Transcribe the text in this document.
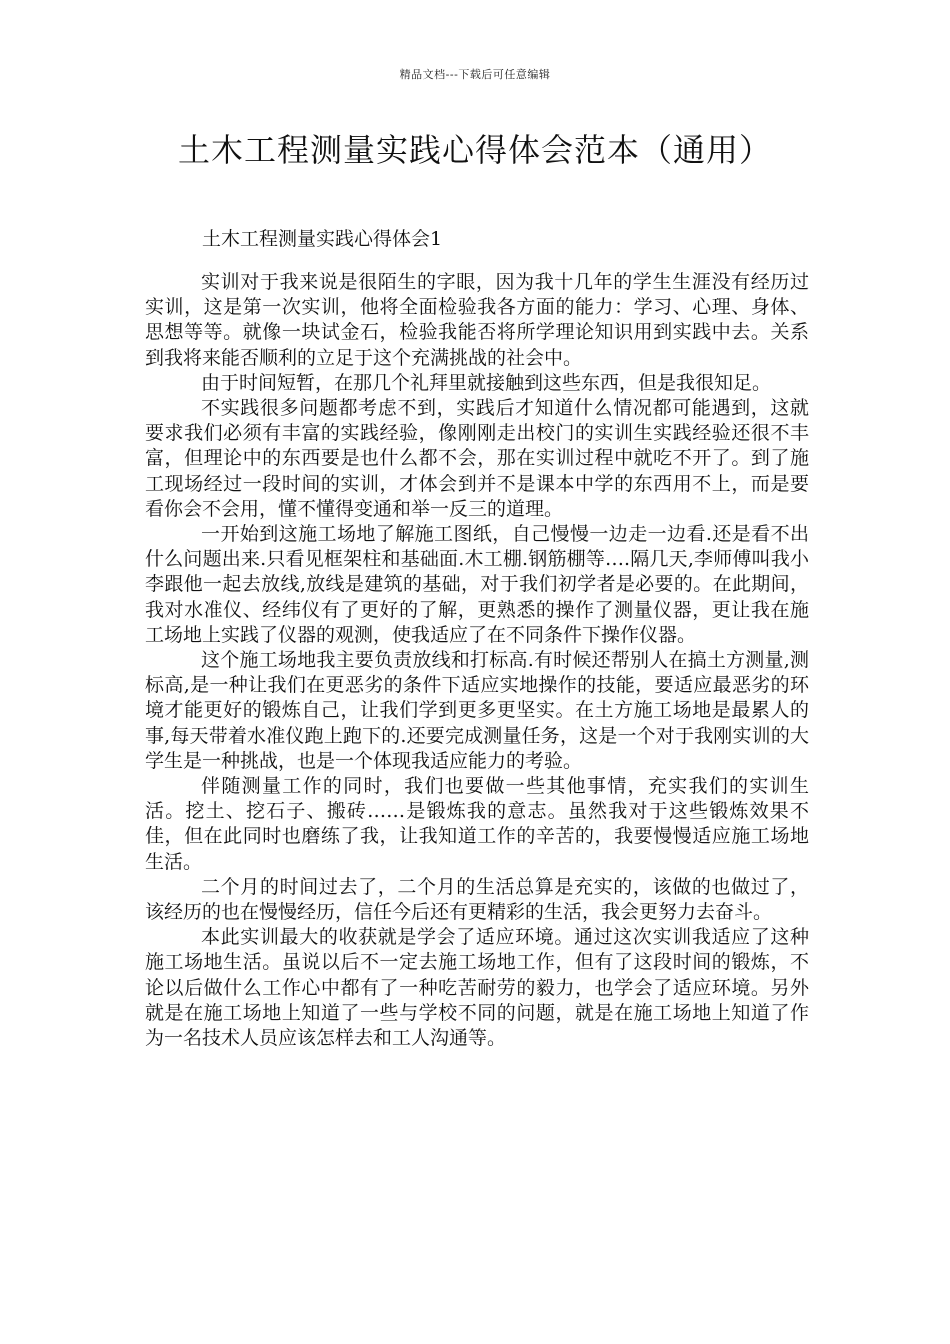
精品文档---下载后可任意编辑
土木工程测量实践心得体会范本（通用）
土木工程测量实践心得体会1

实训对于我来说是很陌生的字眼，因为我十几年的学生生涯没有经历过实训，这是第一次实训，他将全面检验我各方面的能力：学习、心理、身体、思想等等。就像一块试金石，检验我能否将所学理论知识用到实践中去。关系到我将来能否顺利的立足于这个充满挑战的社会中。

由于时间短暂，在那几个礼拜里就接触到这些东西，但是我很知足。

不实践很多问题都考虑不到，实践后才知道什么情况都可能遇到，这就要求我们必须有丰富的实践经验，像刚刚走出校门的实训生实践经验还很不丰富，但理论中的东西要是也什么都不会，那在实训过程中就吃不开了。到了施工现场经过一段时间的实训，才体会到并不是课本中学的东西用不上，而是要看你会不会用，懂不懂得变通和举一反三的道理。

一开始到这施工场地了解施工图纸，自己慢慢一边走一边看.还是看不出什么问题出来.只看见框架柱和基础面.木工棚.钢筋棚等….隔几天,李师傅叫我小李跟他一起去放线,放线是建筑的基础，对于我们初学者是必要的。在此期间，我对水准仪、经纬仪有了更好的了解，更熟悉的操作了测量仪器，更让我在施工场地上实践了仪器的观测，使我适应了在不同条件下操作仪器。

这个施工场地我主要负责放线和打标高.有时候还帮别人在搞土方测量,测标高,是一种让我们在更恶劣的条件下适应实地操作的技能，要适应最恶劣的环境才能更好的锻炼自己，让我们学到更多更坚实。在土方施工场地是最累人的事,每天带着水准仪跑上跑下的.还要完成测量任务，这是一个对于我刚实训的大学生是一种挑战，也是一个体现我适应能力的考验。

伴随测量工作的同时，我们也要做一些其他事情，充实我们的实训生活。挖土、挖石子、搬砖……是锻炼我的意志。虽然我对于这些锻炼效果不佳，但在此同时也磨练了我，让我知道工作的辛苦的，我要慢慢适应施工场地生活。

二个月的时间过去了，二个月的生活总算是充实的，该做的也做过了，该经历的也在慢慢经历，信任今后还有更精彩的生活，我会更努力去奋斗。

本此实训最大的收获就是学会了适应环境。通过这次实训我适应了这种施工场地生活。虽说以后不一定去施工场地工作，但有了这段时间的锻炼，不论以后做什么工作心中都有了一种吃苦耐劳的毅力，也学会了适应环境。另外就是在施工场地上知道了一些与学校不同的问题，就是在施工场地上知道了作为一名技术人员应该怎样去和工人沟通等。
